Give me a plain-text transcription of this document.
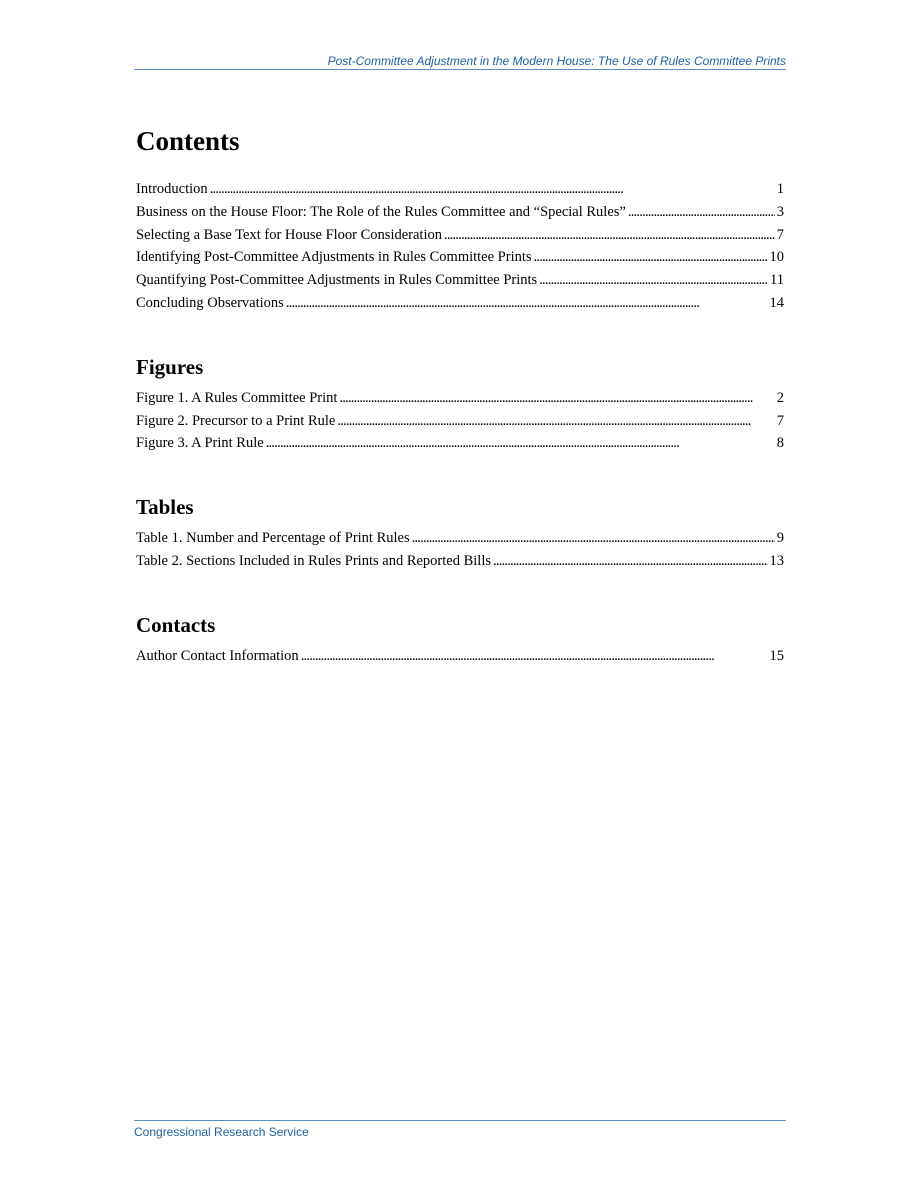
Post-Committee Adjustment in the Modern House: The Use of Rules Committee Prints
Contents
Introduction . . .	1
Business on the House Floor: The Role of the Rules Committee and “Special Rules” . . .	3
Selecting a Base Text for House Floor Consideration . . .	7
Identifying Post-Committee Adjustments in Rules Committee Prints . . .	10
Quantifying Post-Committee Adjustments in Rules Committee Prints . . .	11
Concluding Observations . . .	14
Figures
Figure 1. A Rules Committee Print . . .	2
Figure 2. Precursor to a Print Rule . . .	7
Figure 3. A Print Rule . . .	8
Tables
Table 1. Number and Percentage of Print Rules . . .	9
Table 2. Sections Included in Rules Prints and Reported Bills . . .	13
Contacts
Author Contact Information . . .	15
Congressional Research Service
